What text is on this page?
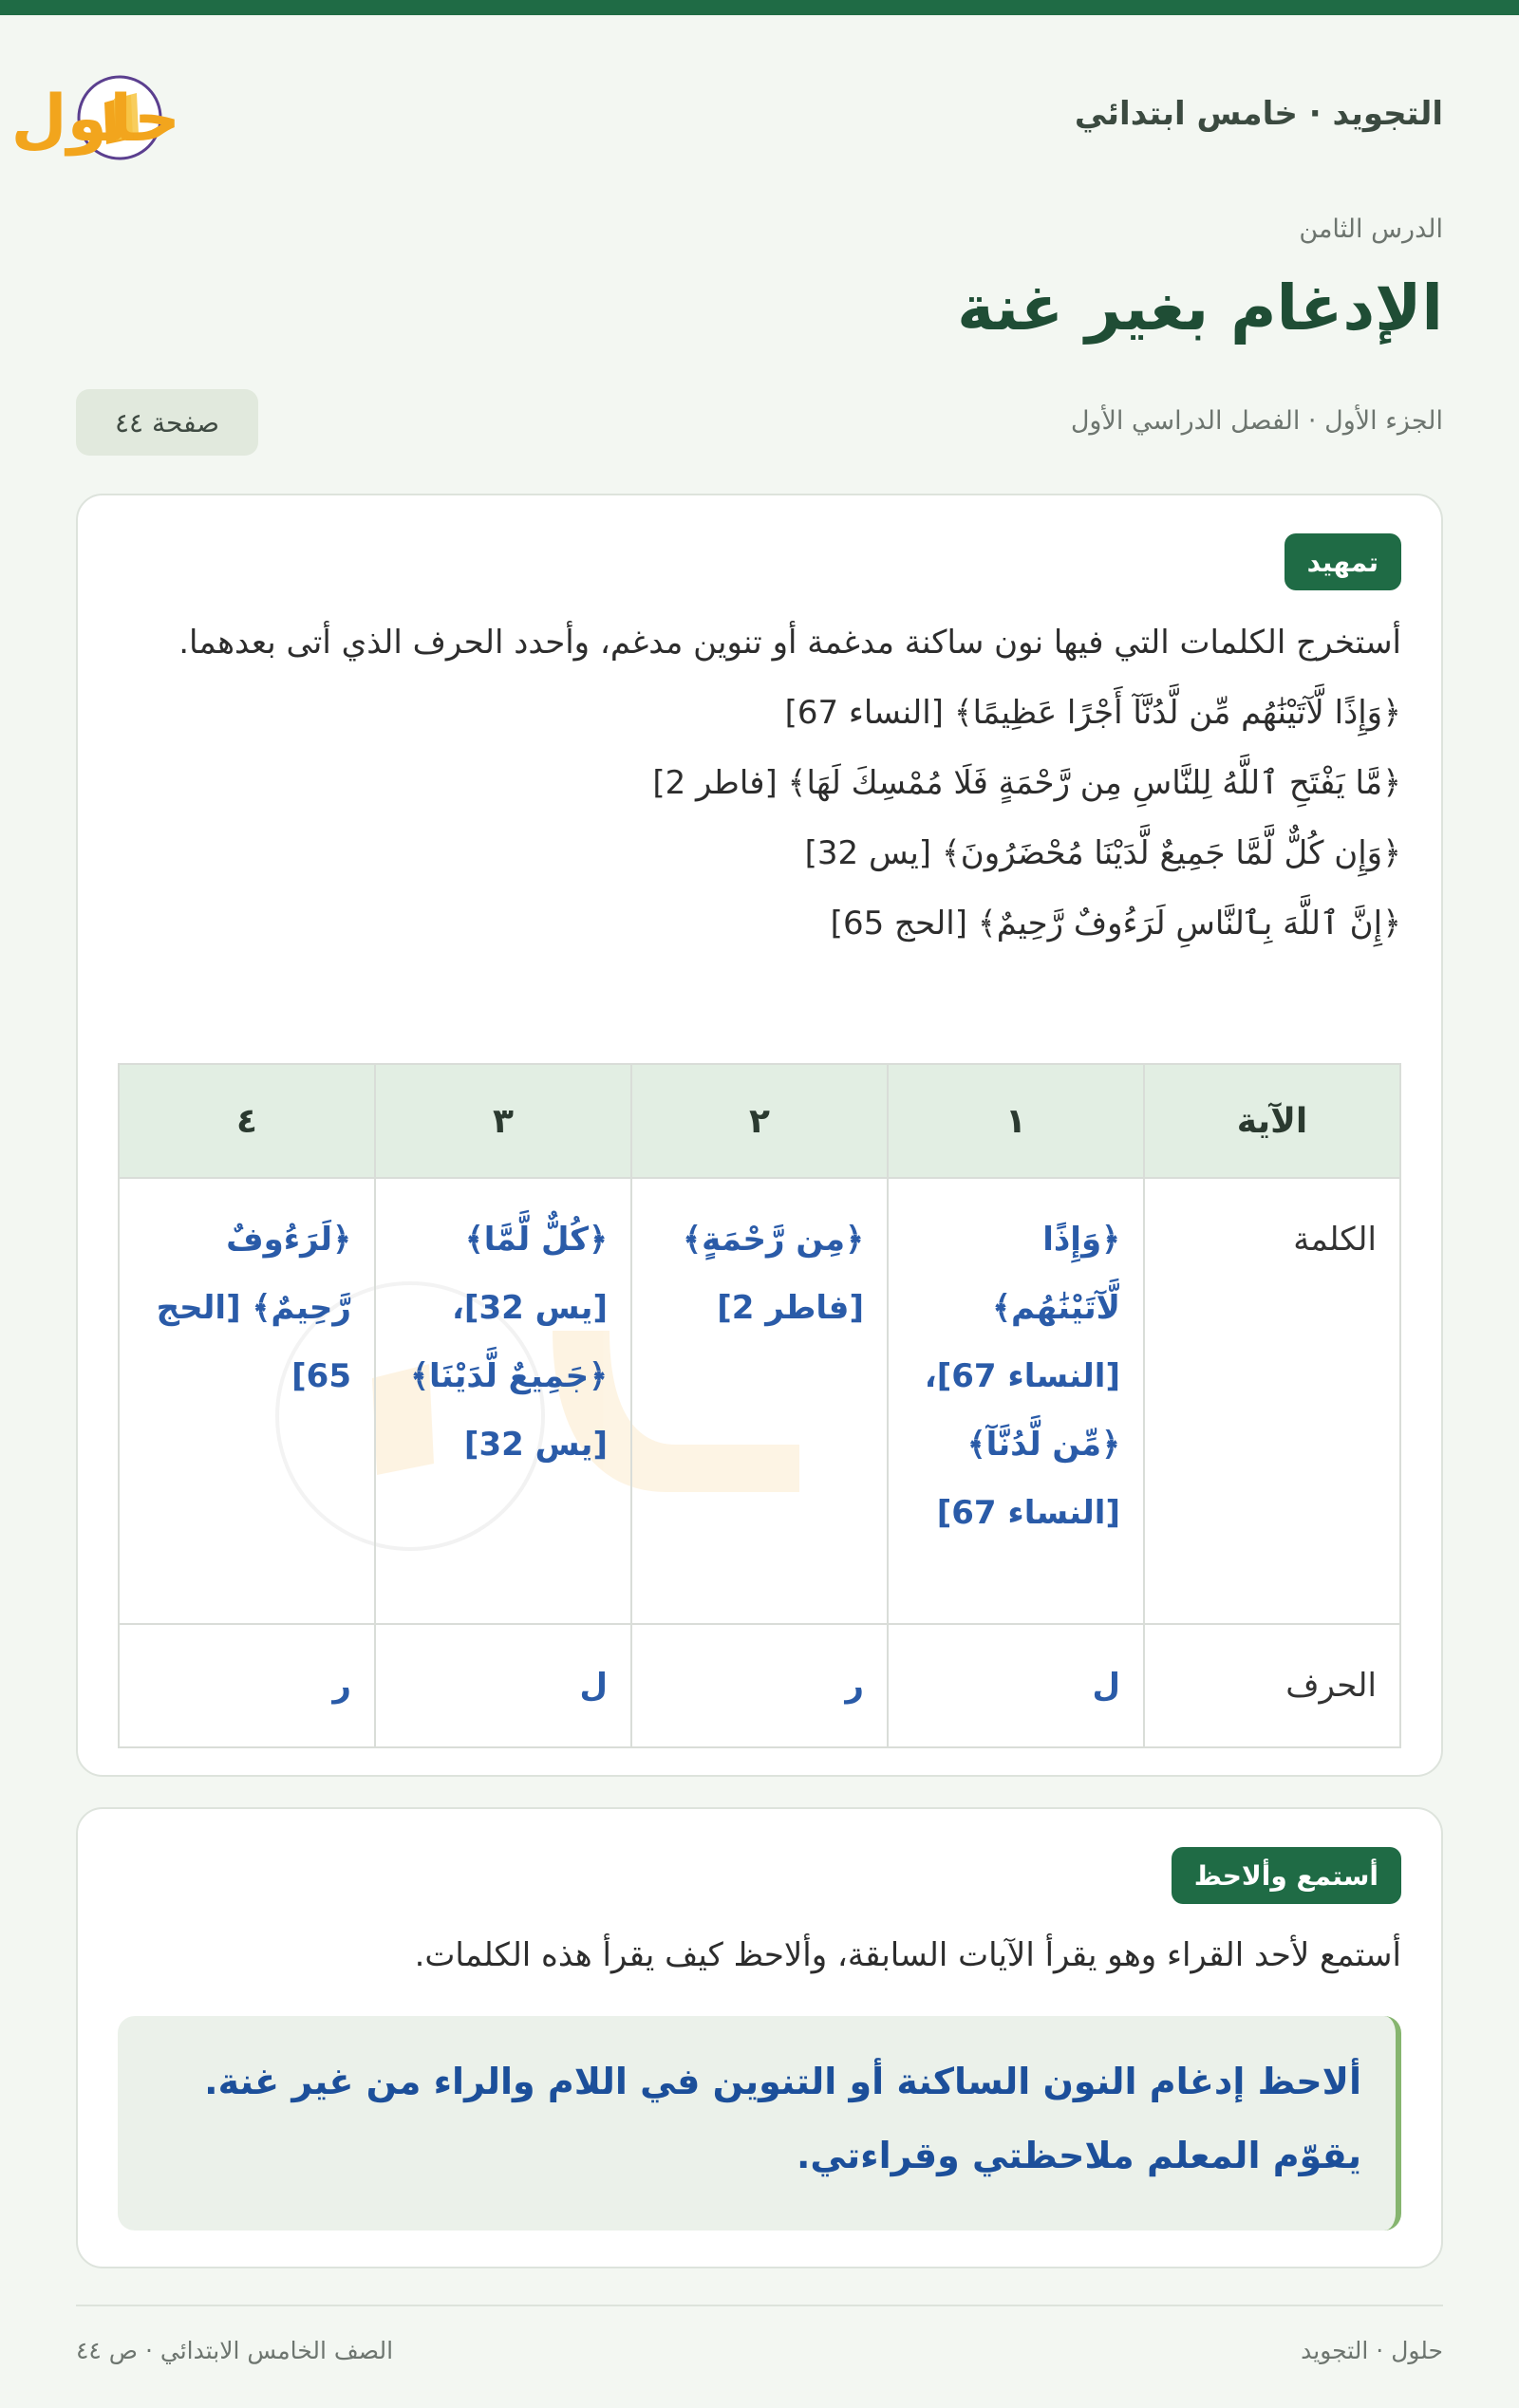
التجويد · خامس ابتدائي
حلول
الدرس الثامن
الإدغام بغير غنة
الجزء الأول · الفصل الدراسي الأول
صفحة ٤٤
تمهيد
أستخرج الكلمات التي فيها نون ساكنة مدغمة أو تنوين مدغم، وأحدد الحرف الذي أتى بعدهما.
﴿وَإِذًا لَّآتَيْنَٰهُم مِّن لَّدُنَّآ أَجْرًا عَظِيمًا﴾ [النساء 67]
﴿مَّا يَفْتَحِ ٱللَّهُ لِلنَّاسِ مِن رَّحْمَةٍ فَلَا مُمْسِكَ لَهَا﴾ [فاطر 2]
﴿وَإِن كُلٌّ لَّمَّا جَمِيعٌ لَّدَيْنَا مُحْضَرُونَ﴾ [يس 32]
﴿إِنَّ ٱللَّهَ بِٱلنَّاسِ لَرَءُوفٌ رَّحِيمٌ﴾ [الحج 65]
الآية	١	٢	٣	٤
الكلمة	﴿وَإِذًا لَّآتَيْنَٰهُم﴾ [النساء 67]، ﴿مِّن لَّدُنَّآ﴾ [النساء 67]	﴿مِن رَّحْمَةٍ﴾ [فاطر 2]	﴿كُلٌّ لَّمَّا﴾ [يس 32]، ﴿جَمِيعٌ لَّدَيْنَا﴾ [يس 32]	﴿لَرَءُوفٌ رَّحِيمٌ﴾ [الحج 65]
الحرف	ل	ر	ل	ر
أستمع وألاحظ
أستمع لأحد القراء وهو يقرأ الآيات السابقة، وألاحظ كيف يقرأ هذه الكلمات.
ألاحظ إدغام النون الساكنة أو التنوين في اللام والراء من غير غنة. يقوّم المعلم ملاحظتي وقراءتي.
حلول · التجويد
الصف الخامس الابتدائي · ص ٤٤
